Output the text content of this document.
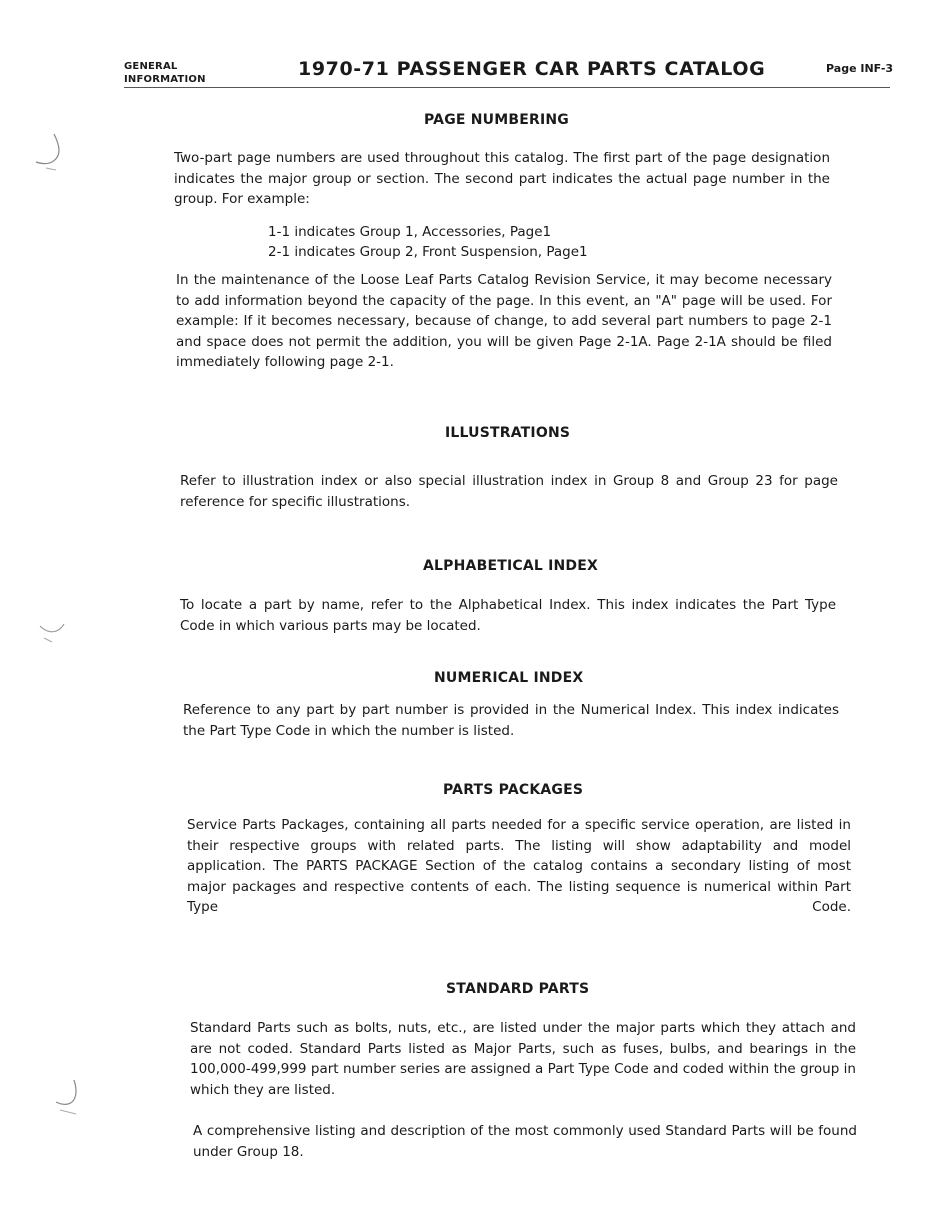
GENERAL
INFORMATION	1970-71 PASSENGER CAR PARTS CATALOG	Page INF-3
PAGE NUMBERING

Two-part page numbers are used throughout this catalog. The first part of the page designation indicates the major group or section. The second part indicates the actual page number in the group. For example:

1-1 indicates Group 1, Accessories, Page1
2-1 indicates Group 2, Front Suspension, Page1

In the maintenance of the Loose Leaf Parts Catalog Revision Service, it may become necessary to add information beyond the capacity of the page. In this event, an "A" page will be used. For example: If it becomes necessary, because of change, to add several part numbers to page 2-1 and space does not permit the addition, you will be given Page 2-1A. Page 2-1A should be filed immediately following page 2-1.

ILLUSTRATIONS

Refer to illustration index or also special illustration index in Group 8 and Group 23 for page reference for specific illustrations.

ALPHABETICAL INDEX

To locate a part by name, refer to the Alphabetical Index. This index indicates the Part Type Code in which various parts may be located.

NUMERICAL INDEX

Reference to any part by part number is provided in the Numerical Index. This index indicates the Part Type Code in which the number is listed.

PARTS PACKAGES

Service Parts Packages, containing all parts needed for a specific service operation, are listed in their respective groups with related parts. The listing will show adaptability and model application. The PARTS PACKAGE Section of the catalog contains a secondary listing of most major packages and respective contents of each. The listing sequence is numerical within Part Type Code.

STANDARD PARTS

Standard Parts such as bolts, nuts, etc., are listed under the major parts which they attach and are not coded. Standard Parts listed as Major Parts, such as fuses, bulbs, and bearings in the 100,000-499,999 part number series are assigned a Part Type Code and coded within the group in which they are listed.

A comprehensive listing and description of the most commonly used Standard Parts will be found under Group 18.
